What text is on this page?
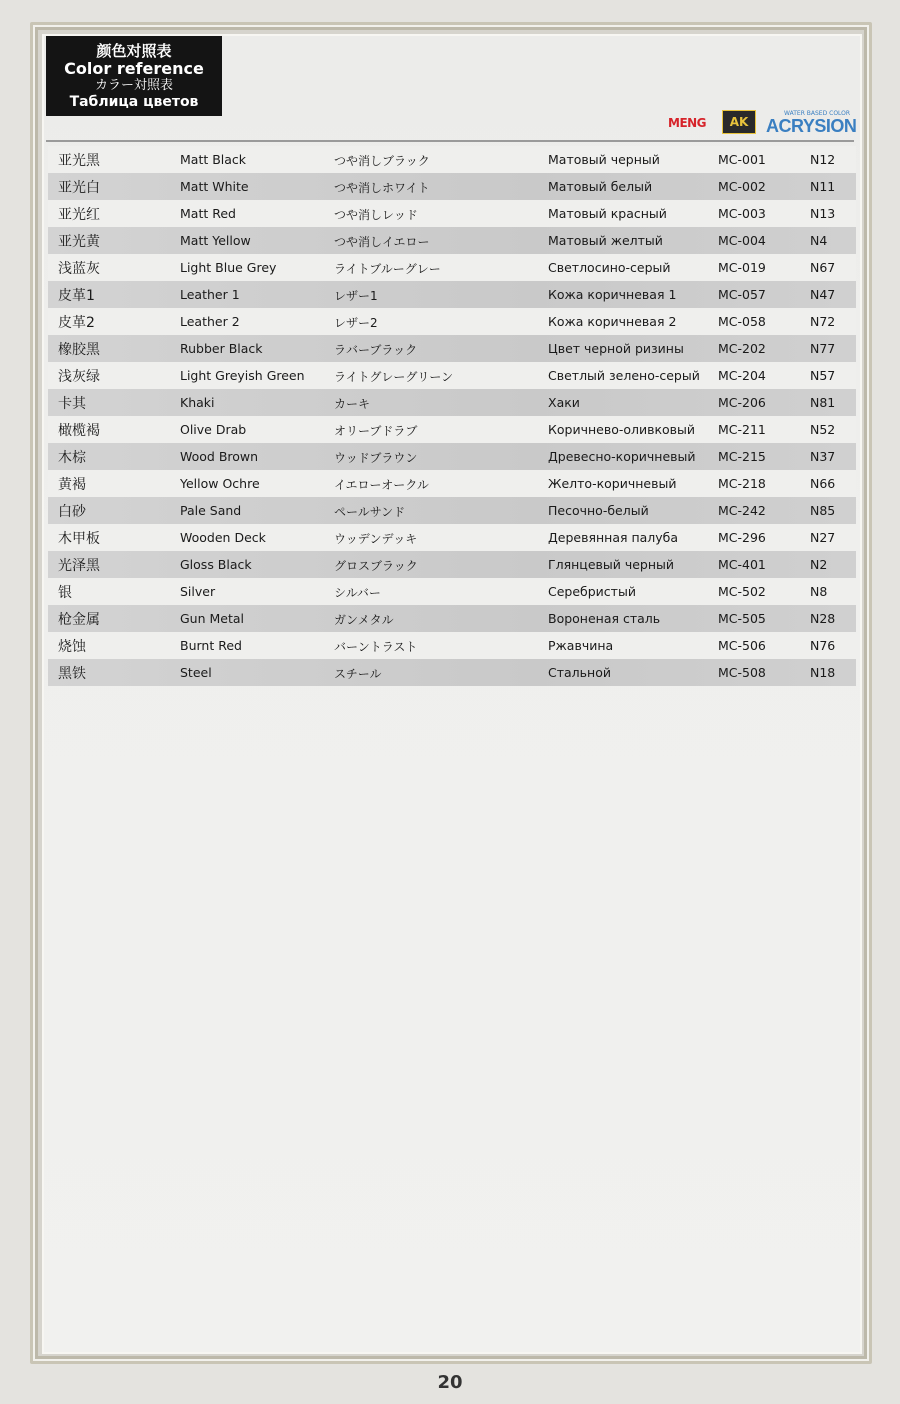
颜色对照表
Color reference
カラー対照表
Таблица цветов
MENG	AK
WATER BASED COLOR
ACRYSION
亚光黑	Matt Black	つや消しブラック	Матовый черный	MC-001	N12
亚光白	Matt White	つや消しホワイト	Матовый белый	MC-002	N11
亚光红	Matt Red	つや消しレッド	Матовый красный	MC-003	N13
亚光黄	Matt Yellow	つや消しイエロー	Матовый желтый	MC-004	N4
浅蓝灰	Light Blue Grey	ライトブルーグレー	Светлосино-серый	MC-019	N67
皮革1	Leather 1	レザー1	Кожа коричневая 1	MC-057	N47
皮革2	Leather 2	レザー2	Кожа коричневая 2	MC-058	N72
橡胶黑	Rubber Black	ラバーブラック	Цвет черной ризины	MC-202	N77
浅灰绿	Light Greyish Green ライトグレーグリーン	Светлый зелено-серый MC-204	N57
卡其	Khaki	カーキ	Хаки	MC-206	N81
橄榄褐	Olive Drab	オリーブドラブ	Коричнево-оливковый MC-211	N52
木棕	Wood Brown	ウッドブラウン	Древесно-коричневый MC-215	N37
黄褐	Yellow Ochre	イエローオークル	Желто-коричневый	MC-218	N66
白砂	Pale Sand	ペールサンド	Песочно-белый	MC-242	N85
木甲板	Wooden Deck	ウッデンデッキ	Деревянная палуба	MC-296	N27
光泽黑	Gloss Black	グロスブラック	Глянцевый черный	MC-401	N2
银	Silver	シルバー	Серебристый	MC-502	N8
枪金属	Gun Metal	ガンメタル	Вороненая сталь	MC-505	N28
烧蚀	Burnt Red	バーントラスト	Ржавчина	MC-506	N76
黑铁	Steel	スチール	Стальной	MC-508	N18
20
